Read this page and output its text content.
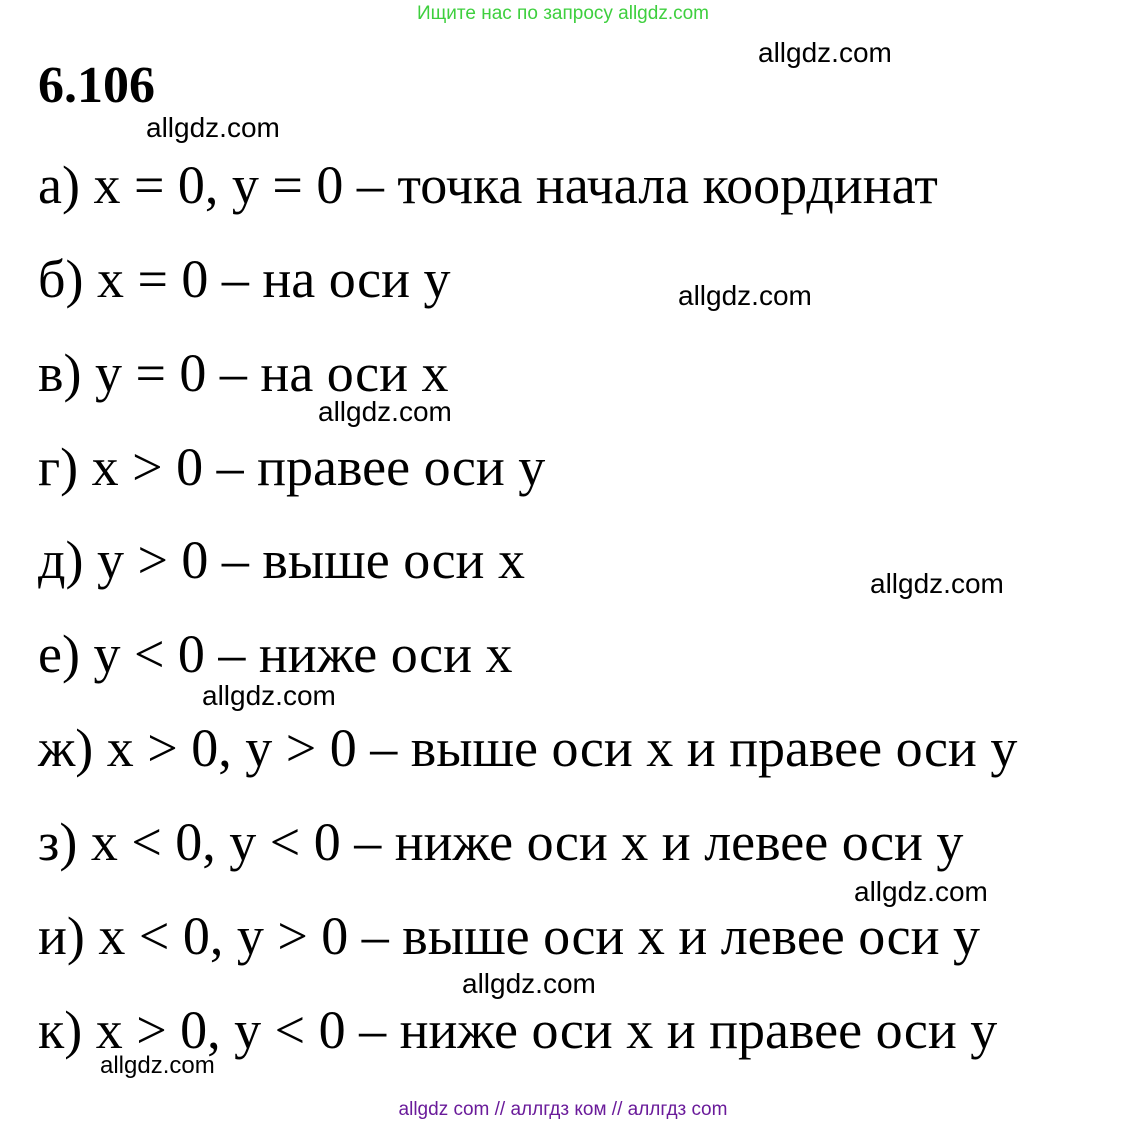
Ищите нас по запросу allgdz.com
allgdz.com
6.106
allgdz.com
а) x = 0, y = 0 – точка начала координат
б) x = 0 – на оси y	allgdz.com
в) y = 0 – на оси x
allgdz.com
г) x > 0 – правее оси y
д) y > 0 – выше оси x	allgdz.com
е) y < 0 – ниже оси x
allgdz.com
ж) x > 0, y > 0 – выше оси x и правее оси y
з) x < 0, y < 0 – ниже оси x и левее оси y
allgdz.com
и) x < 0, y > 0 – выше оси x и левее оси y
allgdz.com
к) x > 0, y < 0 – ниже оси x и правее оси y
allgdz.com
allgdz com // аллгдз ком // аллгдз com
